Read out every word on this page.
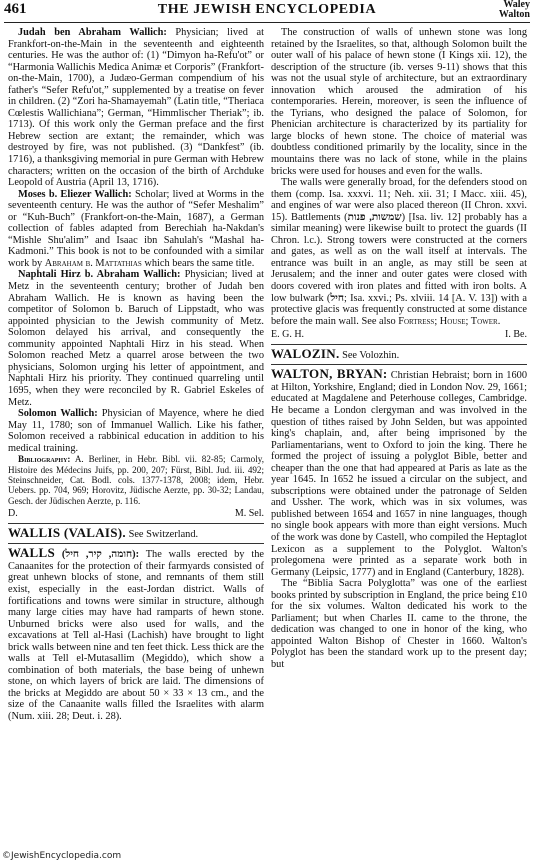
461	THE JEWISH ENCYCLOPEDIA	Waley
Walton

Judah ben Abraham Wallich: Physician; lived at Frankfort-on-the-Main in the seventeenth and eighteenth centuries. He was the author of: (1) “Dimyon ha-Refu'ot” or “Harmonia Wallichis Medica Animæ et Corporis” (Frankfort-on-the-Main, 1700), a Judæo-German compendium of his father's “Sefer Refu'ot,” supplemented by a treatise on fever in children. (2) “Zori ha-Shamayemah” (Latin title, “Theriaca Cœlestis Wallichiana”; German, “Himmlischer Theriak”; ib. 1713). Of this work only the German preface and the first Hebrew section are extant; the remainder, which was destroyed by fire, was not published. (3) “Dankfest” (ib. 1716), a thanksgiving memorial in pure German with Hebrew characters; written on the occasion of the birth of Archduke Leopold of Austria (April 13, 1716).

Moses b. Eliezer Wallich: Scholar; lived at Worms in the seventeenth century. He was the author of “Sefer Meshalim” or “Kuh-Buch” (Frankfort-on-the-Main, 1687), a German collection of fables adapted from Berechiah ha-Nakdan's “Mishle Shu'alim” and Isaac ibn Sahulah's “Mashal ha-Kadmoni.” This book is not to be confounded with a similar work by Abraham b. Mattathias which bears the same title.

Naphtali Hirz b. Abraham Wallich: Physician; lived at Metz in the seventeenth century; brother of Judah ben Abraham Wallich. He is known as having been the competitor of Solomon b. Baruch of Lippstadt, who was appointed physician to the Jewish community of Metz. Solomon delayed his arrival, and consequently the community appointed Naphtali Hirz in his stead. When Solomon reached Metz a quarrel arose between the two physicians, Solomon urging his letter of appointment, and Naphtali Hirz his priority. They continued quarreling until 1695, when they were reconciled by R. Gabriel Eskeles of Metz.

Solomon Wallich: Physician of Mayence, where he died May 11, 1780; son of Immanuel Wallich. Like his father, Solomon received a rabbinical education in addition to his medical training.

Bibliography: A. Berliner, in Hebr. Bibl. vii. 82-85; Carmoly, Histoire des Médecins Juifs, pp. 200, 207; Fürst, Bibl. Jud. iii. 492; Steinschneider, Cat. Bodl. cols. 1377-1378, 2008; idem, Hebr. Uebers. pp. 704, 969; Horovitz, Jüdische Aerzte, pp. 30-32; Landau, Gesch. der Jüdischen Aerzte, p. 116.

D.	M. Sel.

WALLIS (VALAIS). See Switzerland.

WALLS (חומה, קיר, חיל): The walls erected by the Canaanites for the protection of their farmyards consisted of great unhewn blocks of stone, and remnants of them still exist, especially in the east-Jordan district. Walls of fortifications and towns were similar in structure, although many large cities may have had ramparts of hewn stone. Unburned bricks were also used for walls, and the excavations at Tell al-Hasi (Lachish) have brought to light brick walls between nine and ten feet thick. Less thick are the walls at Tell el-Mutasallim (Megiddo), which show a combination of both materials, the base being of unhewn stone, on which layers of brick are laid. The dimensions of the bricks at Megiddo are about 50 × 33 × 13 cm., and the size of the Canaanite walls filled the Israelites with alarm (Num. xiii. 28; Deut. i. 28).

The construction of walls of unhewn stone was long retained by the Israelites, so that, although Solomon built the outer wall of his palace of hewn stone (I Kings xii. 12), the description of the structure (ib. verses 9-11) shows that this was not the usual style of architecture, but an extraordinary innovation which aroused the admiration of his contemporaries. Herein, moreover, is seen the influence of the Tyrians, who designed the palace of Solomon, for Phenician architecture is characterized by its partiality for large blocks of hewn stone. The choice of material was doubtless conditioned primarily by the locality, since in the mountains there was no lack of stone, while in the plains bricks were used for houses and even for the walls.

The walls were generally broad, for the defenders stood on them (comp. Isa. xxxvi. 11; Neh. xii. 31; I Macc. xiii. 45), and engines of war were also placed thereon (II Chron. xxvi. 15). Battlements (שמשות, פנות) [Isa. liv. 12] probably has a similar meaning) were likewise built to protect the guards (II Chron. l.c.). Strong towers were constructed at the corners and gates, as well as on the wall itself at intervals. The entrance was built in an angle, as may still be seen at Jerusalem; and the inner and outer gates were closed with doors covered with iron plates and fitted with iron bolts. A low bulwark (חיל; Isa. xxvi.; Ps. xlviii. 14 [A. V. 13]) with a protective glacis was frequently constructed at some distance before the main wall. See also Fortress; House; Tower.

E. G. H.	I. Be.

WALOZIN. See Volozhin.

WALTON, BRYAN: Christian Hebraist; born in 1600 at Hilton, Yorkshire, England; died in London Nov. 29, 1661; educated at Magdalene and Peterhouse colleges, Cambridge. He became a London clergyman and was involved in the question of tithes raised by John Selden, but was appointed king's chaplain, and, after being imprisoned by the Parliamentarians, went to Oxford to join the king. There he formed the project of issuing a polyglot Bible, better and cheaper than the one that had appeared at Paris as late as the year 1645. In 1652 he issued a circular on the subject, and subscriptions were obtained under the patronage of Selden and Ussher. The work, which was in six volumes, was published between 1654 and 1657 in nine languages, though no single book appears with more than eight versions. Much of the work was done by Castell, who compiled the Heptaglot Lexicon as a supplement to the Polyglot. Walton's prolegomena were printed as a separate work both in Germany (Leipsic, 1777) and in England (Canterbury, 1828).

The “Biblia Sacra Polyglotta” was one of the earliest books printed by subscription in England, the price being £10 for the six volumes. Walton dedicated his work to the Parliament; but when Charles II. came to the throne, the dedication was changed to one in honor of the king, who appointed Walton Bishop of Chester in 1660. Walton's Polyglot has been the standard work up to the present day; but

©JewishEncyclopedia.com
